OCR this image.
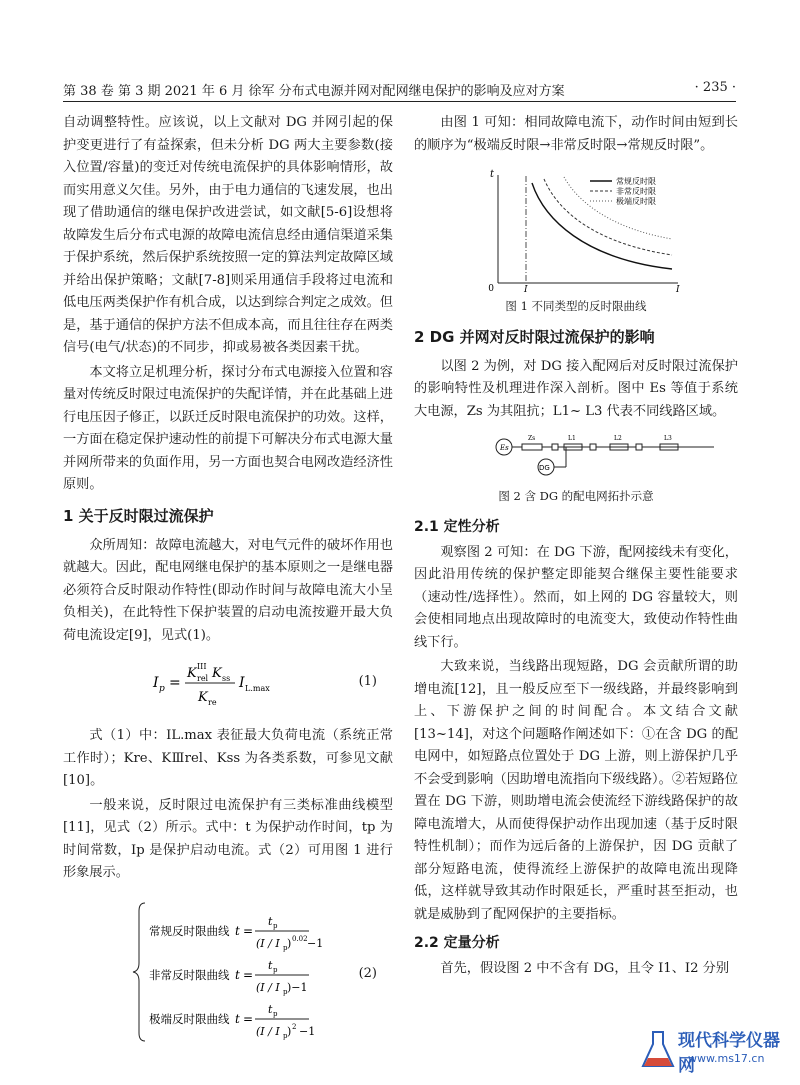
第 38 卷 第 3 期 2021 年 6 月 徐军 分布式电源并网对配网继电保护的影响及应对方案	· 235 ·

自动调整特性。应该说，以上文献对 DG 并网引起的保护变更进行了有益探索，但未分析 DG 两大主要参数(接入位置/容量)的变迁对传统电流保护的具体影响情形，故而实用意义欠佳。另外，由于电力通信的飞速发展，也出现了借助通信的继电保护改进尝试，如文献[5-6]设想将故障发生后分布式电源的故障电流信息经由通信渠道采集于保护系统，然后保护系统按照一定的算法判定故障区域并给出保护策略；文献[7-8]则采用通信手段将过电流和低电压两类保护作有机合成，以达到综合判定之成效。但是，基于通信的保护方法不但成本高，而且往往存在两类信号(电气/状态)的不同步，抑或易被各类因素干扰。

本文将立足机理分析，探讨分布式电源接入位置和容量对传统反时限过电流保护的失配详情，并在此基础上进行电压因子修正，以跃迁反时限电流保护的功效。这样，一方面在稳定保护速动性的前提下可解决分布式电源大量并网所带来的负面作用，另一方面也契合电网改造经济性原则。

1 关于反时限过流保护

众所周知：故障电流越大，对电气元件的破坏作用也就越大。因此，配电网继电保护的基本原则之一是继电器必须符合反时限动作特性(即动作时间与故障电流大小呈负相关)，在此特性下保护装置的启动电流按避开最大负荷电流设定[9]，见式(1)。

I p =
K III
rel K ss
K re
I L.max	(1)

式（1）中：IL.max 表征最大负荷电流（系统正常工作时）；Kre、KⅢrel、Kss 为各类系数，可参见文献[10]。

一般来说，反时限过电流保护有三类标准曲线模型[11]，见式（2）所示。式中：t 为保护动作时间，tp 为时间常数，Ip 是保护启动电流。式（2）可用图 1 进行形象展示。

常规反时限曲线 t =
t p
(I / I p ) 0.02 −1
非常反时限曲线 t =
t p
(I / I p )−1
极端反时限曲线 t =
t p
(I / I p ) 2 −1
(2)

由图 1 可知：相同故障电流下，动作时间由短到长的顺序为“极端反时限→非常反时限→常规反时限”。

t
0	I	I
常规反时限
非常反时限
极端反时限
图 1 不同类型的反时限曲线
2 DG 并网对反时限过流保护的影响

以图 2 为例，对 DG 接入配网后对反时限过流保护的影响特性及机理进作深入剖析。图中 Es 等值于系统大电源，Zs 为其阻抗；L1~ L3 代表不同线路区域。

Es
Zs	L1	L2	L3
DG
图 2 含 DG 的配电网拓扑示意
2.1 定性分析

观察图 2 可知：在 DG 下游，配网接线未有变化，因此沿用传统的保护整定即能契合继保主要性能要求（速动性/选择性）。然而，如上网的 DG 容量较大，则会使相同地点出现故障时的电流变大，致使动作特性曲线下行。

大致来说，当线路出现短路，DG 会贡献所谓的助增电流[12]，且一般反应至下一级线路，并最终影响到上、下游保护之间的时间配合。本文结合文献[13~14]，对这个问题略作阐述如下：①在含 DG 的配电网中，如短路点位置处于 DG 上游，则上游保护几乎不会受到影响（因助增电流指向下级线路）。②若短路位置在 DG 下游，则助增电流会使流经下游线路保护的故障电流增大，从而使得保护动作出现加速（基于反时限特性机制）；而作为远后备的上游保护，因 DG 贡献了部分短路电流，使得流经上游保护的故障电流出现降低，这样就导致其动作时限延长，严重时甚至拒动，也就是威胁到了配网保护的主要指标。

2.2 定量分析

首先，假设图 2 中不含有 DG，且令 I1、I2 分别

现代科学仪器网
www.ms17.cn
